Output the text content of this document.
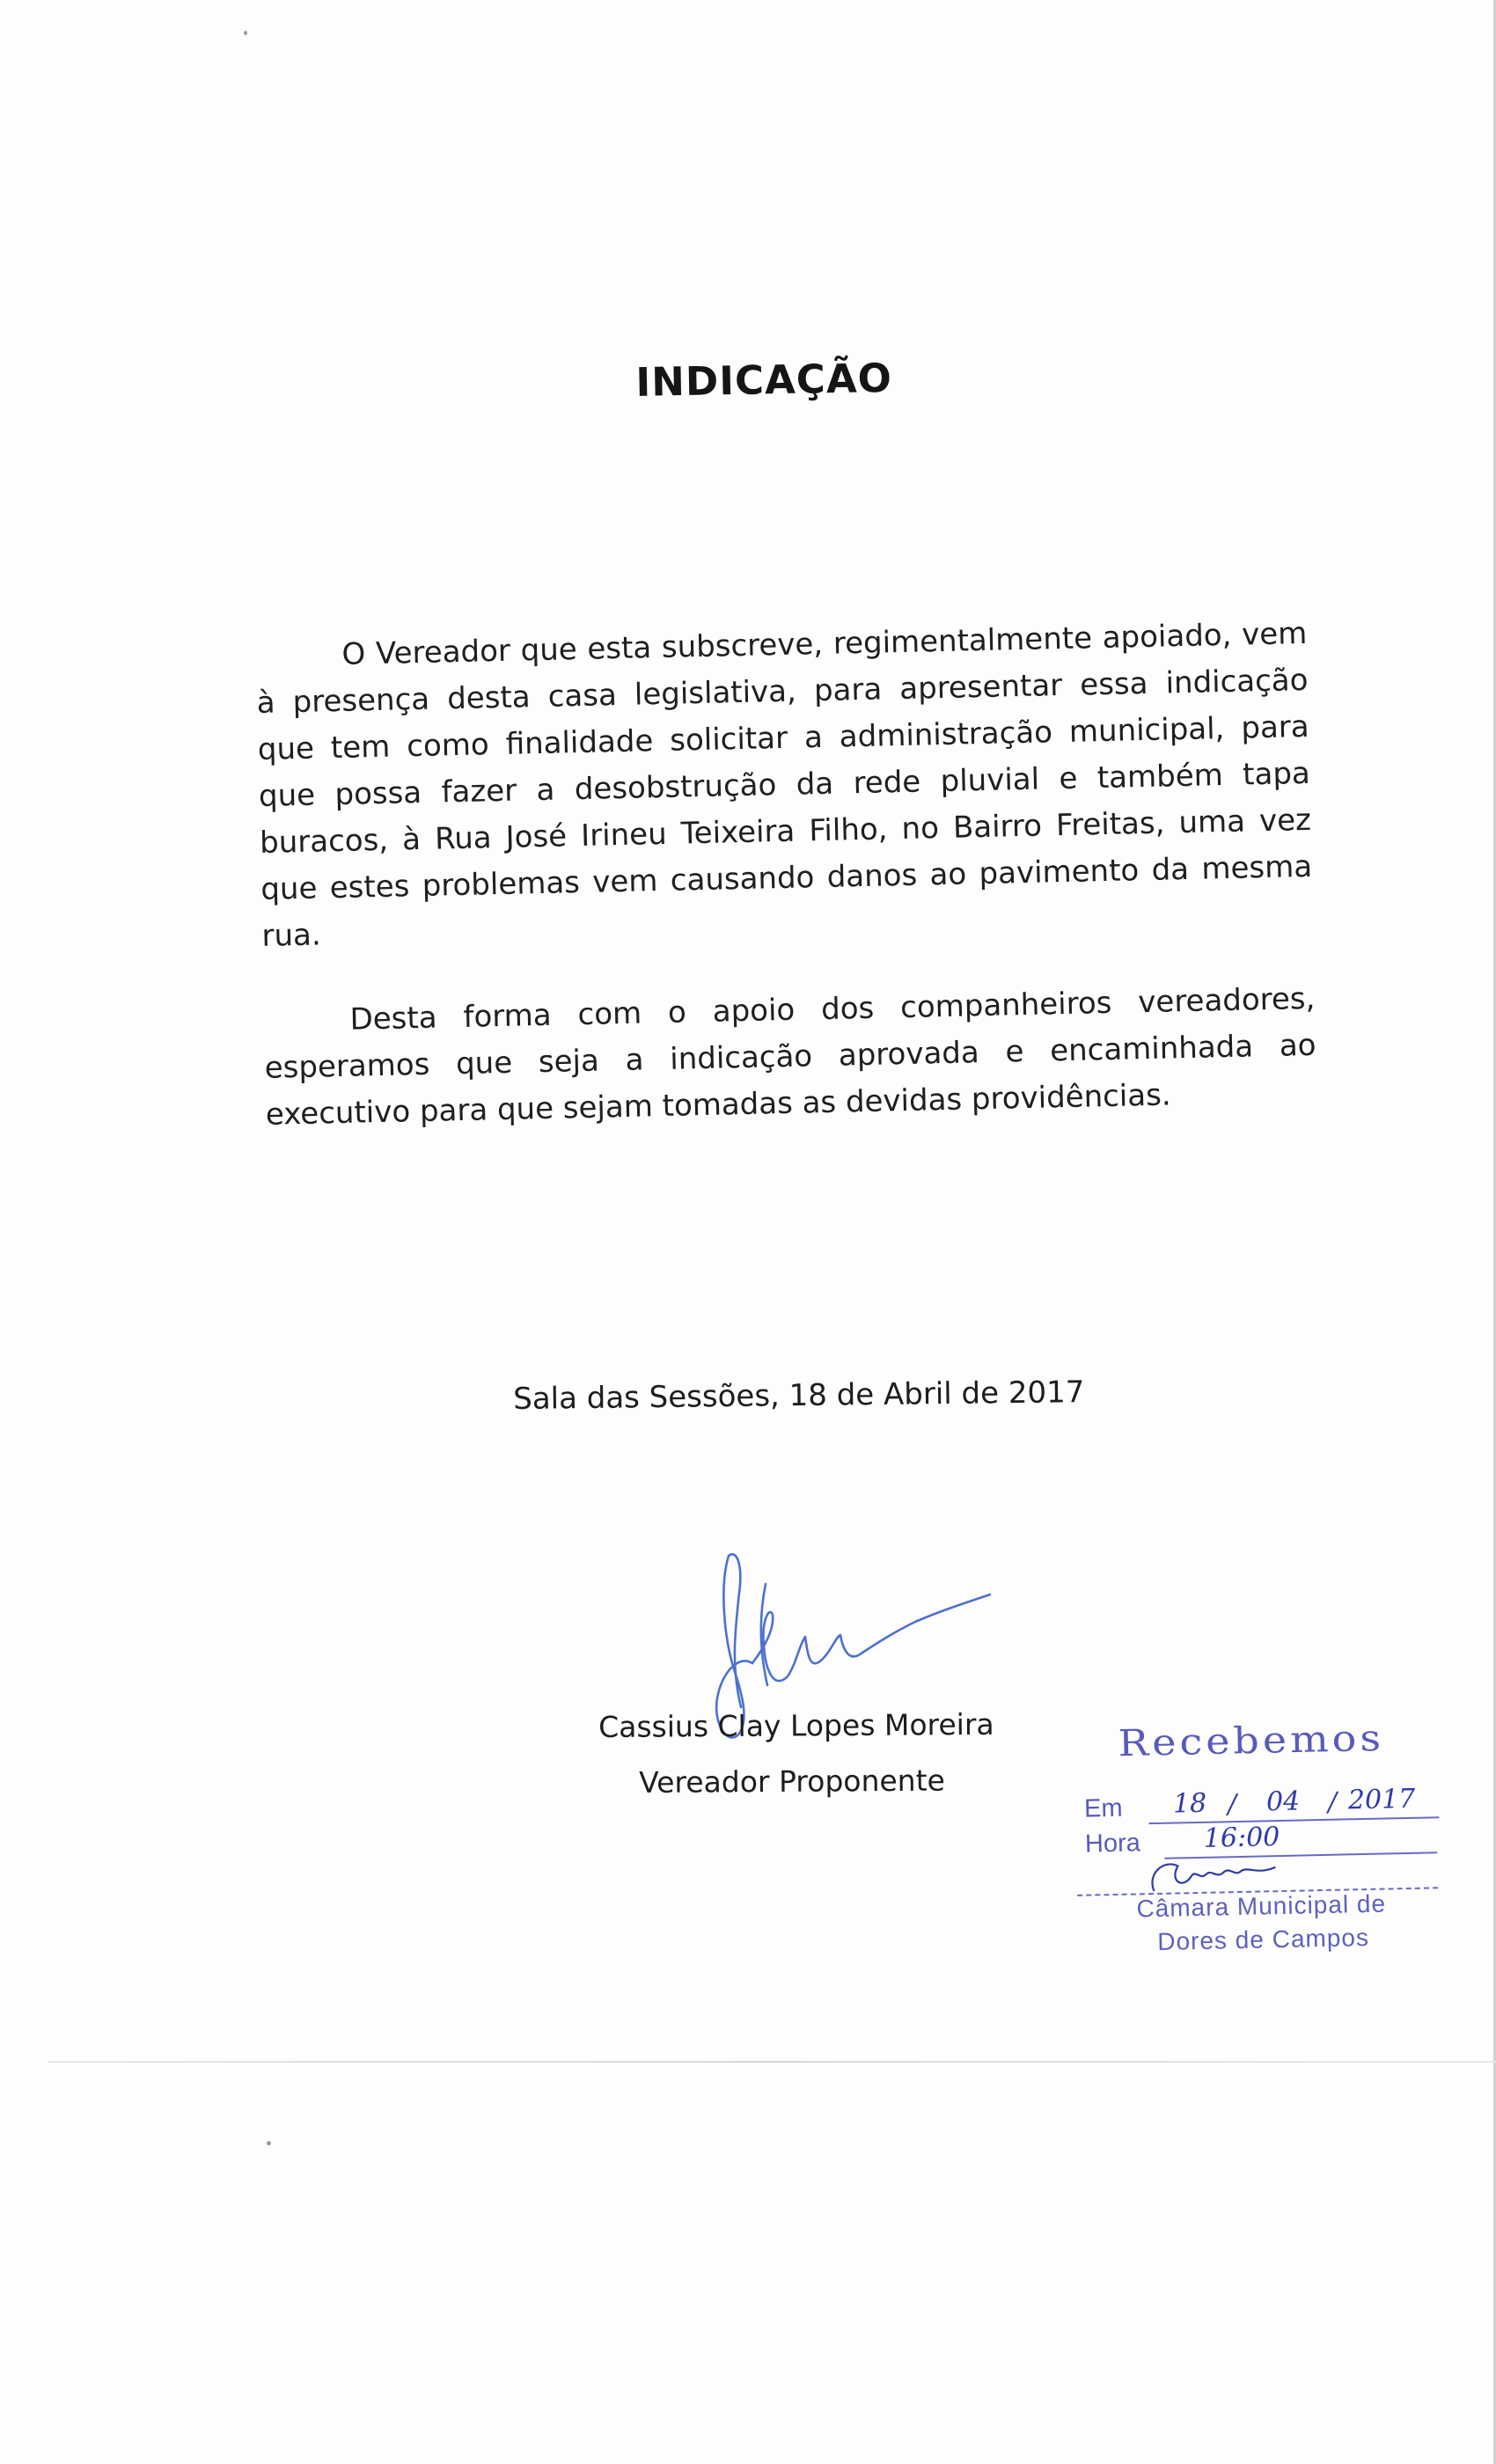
INDICAÇÃO

O Vereador que esta subscreve, regimentalmente apoiado, vem à presença desta casa legislativa, para apresentar essa indicação que tem como finalidade solicitar a administração municipal, para que possa fazer a desobstrução da rede pluvial e também tapa buracos, à Rua José Irineu Teixeira Filho, no Bairro Freitas, uma vez que estes problemas vem causando danos ao pavimento da mesma rua.

Desta forma com o apoio dos companheiros vereadores, esperamos que seja a indicação aprovada e encaminhada ao executivo para que sejam tomadas as devidas providências.

Sala das Sessões, 18 de Abril de 2017
Cassius Clay Lopes Moreira
Vereador Proponente
Recebemos
Em 18 / 04 / 2017
Hora 16:00
Câmara Municipal de
Dores de Campos
